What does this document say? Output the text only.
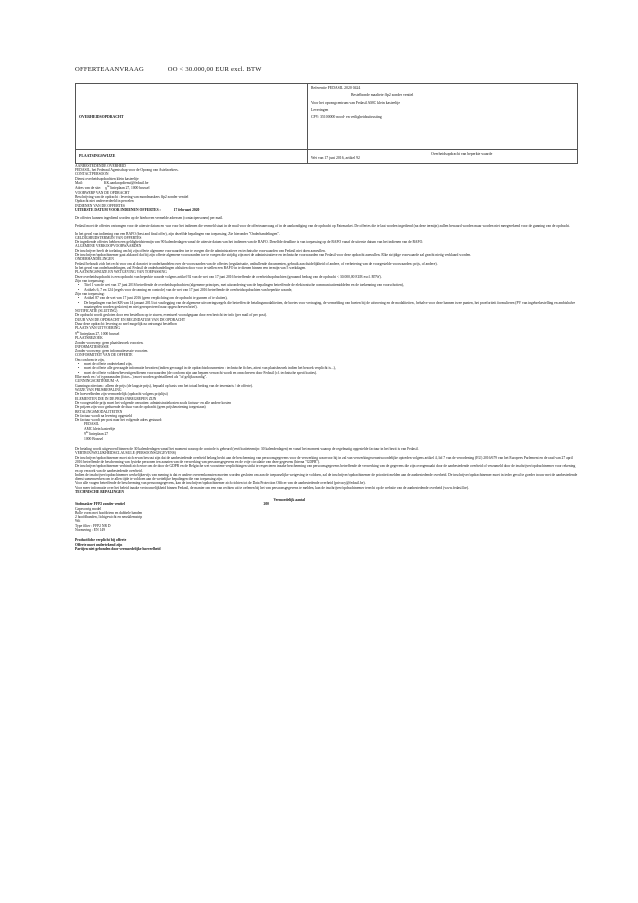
OFFERTEAANVRAAG	OO < 30.000,00 EUR excl. BTW
OVERHEIDSOPDRACHT	Referentie FEDASIL 2020 0424

Bestelbonde maaltete ffp2 zonder ventiel

Voor het opvangcentrum van Fedasil AMC klein kasteeltje

Leveringen

CPV: 35100000 nood- en veiligheidsuitrusting

PLAATSINGSWIJZE	Overheidsopdracht van beperkte waarde

Wet van 17 juni 2016, artikel 92

AANBESTEDENDE OVERHEID
FEDASIL, het Federaal Agentschap voor de Opvang van Asielzoekers.
CONTACTPERSOON
Dienst overheidsopdrachten klein kasteeltje
Mail:	KK.aankoopdienst@fedasil.be
Adres van de site: 9de linieplaan 27, 1000 brussel
VOORWERP VAN DE OPDRACHT
Beschrijving van de opdracht : levering van mondmaskers ffp2 zonder ventiel
Opdracht niet onderverdeeld in percelen
INDIENEN VAN DE OFFERTES
UITERSTE DATUM VOOR INDIENEN OFFERTES :	17 februari 2020
De offertes kunnen ingediend worden op de hierboven vermelde adressen (contactpersonen) per mail.
Fedasil moet de offertes ontvangen voor de uiterste datum en -uur voor het indienen die vermeld staat in de mail voor de offerteaanvraag of in de aankondiging van de opdracht op Fairmarket. De offertes die te laat worden ingediend (na deze termijn) zullen bewaard worden maar worden niet meegerekend voor de gunning van de opdracht.
In het geval van indiening van een BAFO (best and final offer), zijn dezelfde bepalingen van toepassing. Zie hieronder "Onderhandelingen".
GELDIGHEIDSTERMIJN VAN OFFERTES
De ingediende offertes hebben een geldigheidstermijn van 90 kalenderdagen vanaf de uiterste datum van het indienen van de BAFO. Dezelfde deadline is van toepassing op de BAFO vanaf de uiterste datum van het indienen van de BAFO.
ALGEMENE VERKOOPVOORWAARDEN
De inschrijver heeft de toelating om bij zijn offerte algemene voorwaarden toe te voegen die de administratieve en technische voorwaarden van Fedasil niet doen aanvullen.
De inschrijver/opdrachtnemer gaat akkoord dat bij zijn offerte algemene voorwaarden toe te voegen die strijdig zijn met de administratieve en technische voorwaarden van Fedasil voor deze opdracht aanvullen. Elke strijdige voorwaarde zal geacht nietig verklaard worden.
ONDERHANDELINGEN
Fedasil behoudt zich het recht voor om al dan niet te onderhandelen over de voorwaarden van de offertes (regularisatie, onthullende documenten, gebruik aan duidelijkheid of andere, of verbetering van de voorgestelde voorwaarden: prijs, of andere).
In het geval van onderhandelingen, zal Fedasil de onderhandelingen afsluiten door voor te stellen een BAFO in te dienen binnen een termijn van 5 werkdagen.
PLAATSINGSWIJZE EN WETGEVING VAN TOEPASSING
Deze overheidsopdracht is een opdracht van beperkte waarde volgens artikel 92 van de wet van 17 juni 2016 betreffende de overheidsopdrachten (geraamd bedrag van de opdracht < 30.000,00 EUR excl. BTW).
Zijn van toepassing:
• Titel 1 van de wet van 17 juni 2016 betreffende de overheidsopdrachten (algemene principes, met uitzondering van de bepalingen betreffende de elektronische communicatiemiddelen en de toekenning van voorschotten),
• Artikels 6, 7 en 124 (regels voor de raming en controle) van de wet van 17 juni 2016 betreffende de overheidsopdrachten van beperkte waarde,
Zijn van toepassing:
• Artikel 87 van de wet van 17 juni 2016 (geen verplichting om de opdracht te gunnen of te sluiten),
• De bepalingen van het KB van 14 januari 2013 tot vastlegging van de algemene uitvoeringsregels die betreffen de betalingsmodaliteiten, de boetes voor vertraging, de vermelding van boeten bij de uitvoering en de modaliteiten , behalve voor deze bannen twee punten, het proeforiteit formulieren (PV van ingebrekestelling en ambtshalve maatregelen worden gesloten) en niet gerespecteerd naar opgeschreven brief).
NOTIFICATIE (SLUITING)
De opdracht wordt gesloten door een bestelbon op te sturen, eventueel voorafgegaan door een bericht ter info (per mail of per post).
DUUR VAN DE OPDRACHT EN BEGINDATUM VAN DE OPDRACHT
Duur deze opdracht: levering zo snel mogelijk na ontvangst bestelbon
PLAATS VAN UITVOERING
9de linieplaan 27, 1000 brussel
PLAATSBEZOEK
Zonder voorwerp: geen plaatsbezoek voorzien.
INFORMATIESESSIE
Zonder voorwerp: geen informatiesessie voorzien.
CONFORMITEIT VAN DE OFFERTE
Om conform te zijn,
• moet de offerte ondertekend zijn,
• moet de offerte alle gevraagde informatie bevatten (indien gevraagd in de opdrachtsdocumenten : technische fiches, attest van plaatsbezoek indien het bezoek verplicht is...),
• moet de offerte voldoen/bevestigen/dienen voorwaarden (de conform zijn aan bepaen verwacht wordt en omschreven door Fedasil (cf. technische specificaties).
Elke merk en / of typeaanzalen (fotos...) moet worden gedetailleerd als "of gelijkwaardig".
GUNNINGSCRITERIUM -A
Gunningscriterium : alleen de prijs (de laagste prijs), bepaald op basis van het totaal bedrag van de inventaris / de offerte).
WIJZE VAN PRIJSBEPALING
De hoeveelheden zijn vermoedelijk (opdracht volgens prijslijst)
ELEMENTEN DIE IN DE PRIJS INBEGREPEN ZIJN
De voorgestelde prijs moet het volgende omvatten: administratiekosten zoals factuur- en alle andere kosten
De prijzen zijn voor gedurende de duur van de opdracht (geen prijsherziening toegestaan)
BETALINGSMODALITEITEN
De factuur wordt na levering opgesteld
De factuur wordt per post naar het volgende adres gestuurd:
FEDASIL
AMC klein kasteeltje
9de linieplaan 27
1000 Brussel
De betaling wordt uitgevoerd binnen de 30 kalenderdagen vanaf het moment waarop de controle is gebeurd (verificatietermijn: 30 kalenderdagen) en vanaf het moment waarop de regelmatig opgestelde factuur in het bezit is van Fedasil.
VERTROUWELIJKHEIDSCLAUSULE (PERSOONSGEGEVENS)
De inschrijver/opdrachtnemer moet zich ervan bewust zijn dat de aanbestedende overheid belang hecht aan de bescherming van persoonsgegevens voor de verwerking waarvoor hij in zal van verwerkingsverantwoordelijke optreden volgens artikel 4, lid 7 van de verordening (EU) 2016/679 van het Europees Parlement en de raad van 27 april 2016 betreffende de bescherming van fysieke personen ten aanzien van de verwerking van persoonsgegevens en de vrije circulatie van deze gegevens (hierna "GDPR").
De inschrijver/opdrachtnemer verbindt zich ertoe om de door de GDPR en de Belgische wet voorziene verplichtingen strikt te respecteren inzake bescherming van persoonsgegevens betreffende de verwerking van de gegevens die zijn overgemaakt door de aanbestedende overheid of verzameld door de inschrijver/opdrachtnemer voor rekening en op verzoek van de aanbestedende overheid.
Indien de inschrijver/opdrachtnemer werkelijkervijs van mening is dat er andere overeenkomsten moeten worden gesloten om aan de toepasselijke wetgeving te voldoen, zal de inschrijver/opdrachtnemer de prioriteit melden aan de aanbestedende overheid. De inschrijver/opdrachtnemer moet in ieder geval te goeder trouw met de aanbestedende dienst samenwerken om te allen tijde te voldoen aan de wettelijke bepalingen die van toepassing zijn.
Voor alle vragen betreffende de bescherming van persoonsgegevens, kan de inschrijver/opdrachtnemer zich richten tot de Data Protection Officer van de aanbestedende overheid (privacy@fedasil.be).
Voor meer informatie over het beleid inzake vertrouwelijkheid binnen Fedasil, de manier om een van rechten uit te oefenen bij het van persoonsgegevens te melden, kan de inschrijver/opdrachtnemer terecht op de website van de aanbestedende overheid (www.fedasil.be).
TECHNISCHE BEPALINGEN
Vermoedelijk aantal
Stofmasker FFP2 zonder ventiel	200
Capsvorrig model
Bolle vorm met hoofdriem en dubbele banden
2 hoofdbanden, lichtgewicht en neusklemstrip
Wit
Type filter : FFP2 NR D
Normering : EN 149
Productfiche verplicht bij offerte
Offerte moet ondertekend zijn
Partijen niet gebonden door vermoedelijke hoeveelheid
